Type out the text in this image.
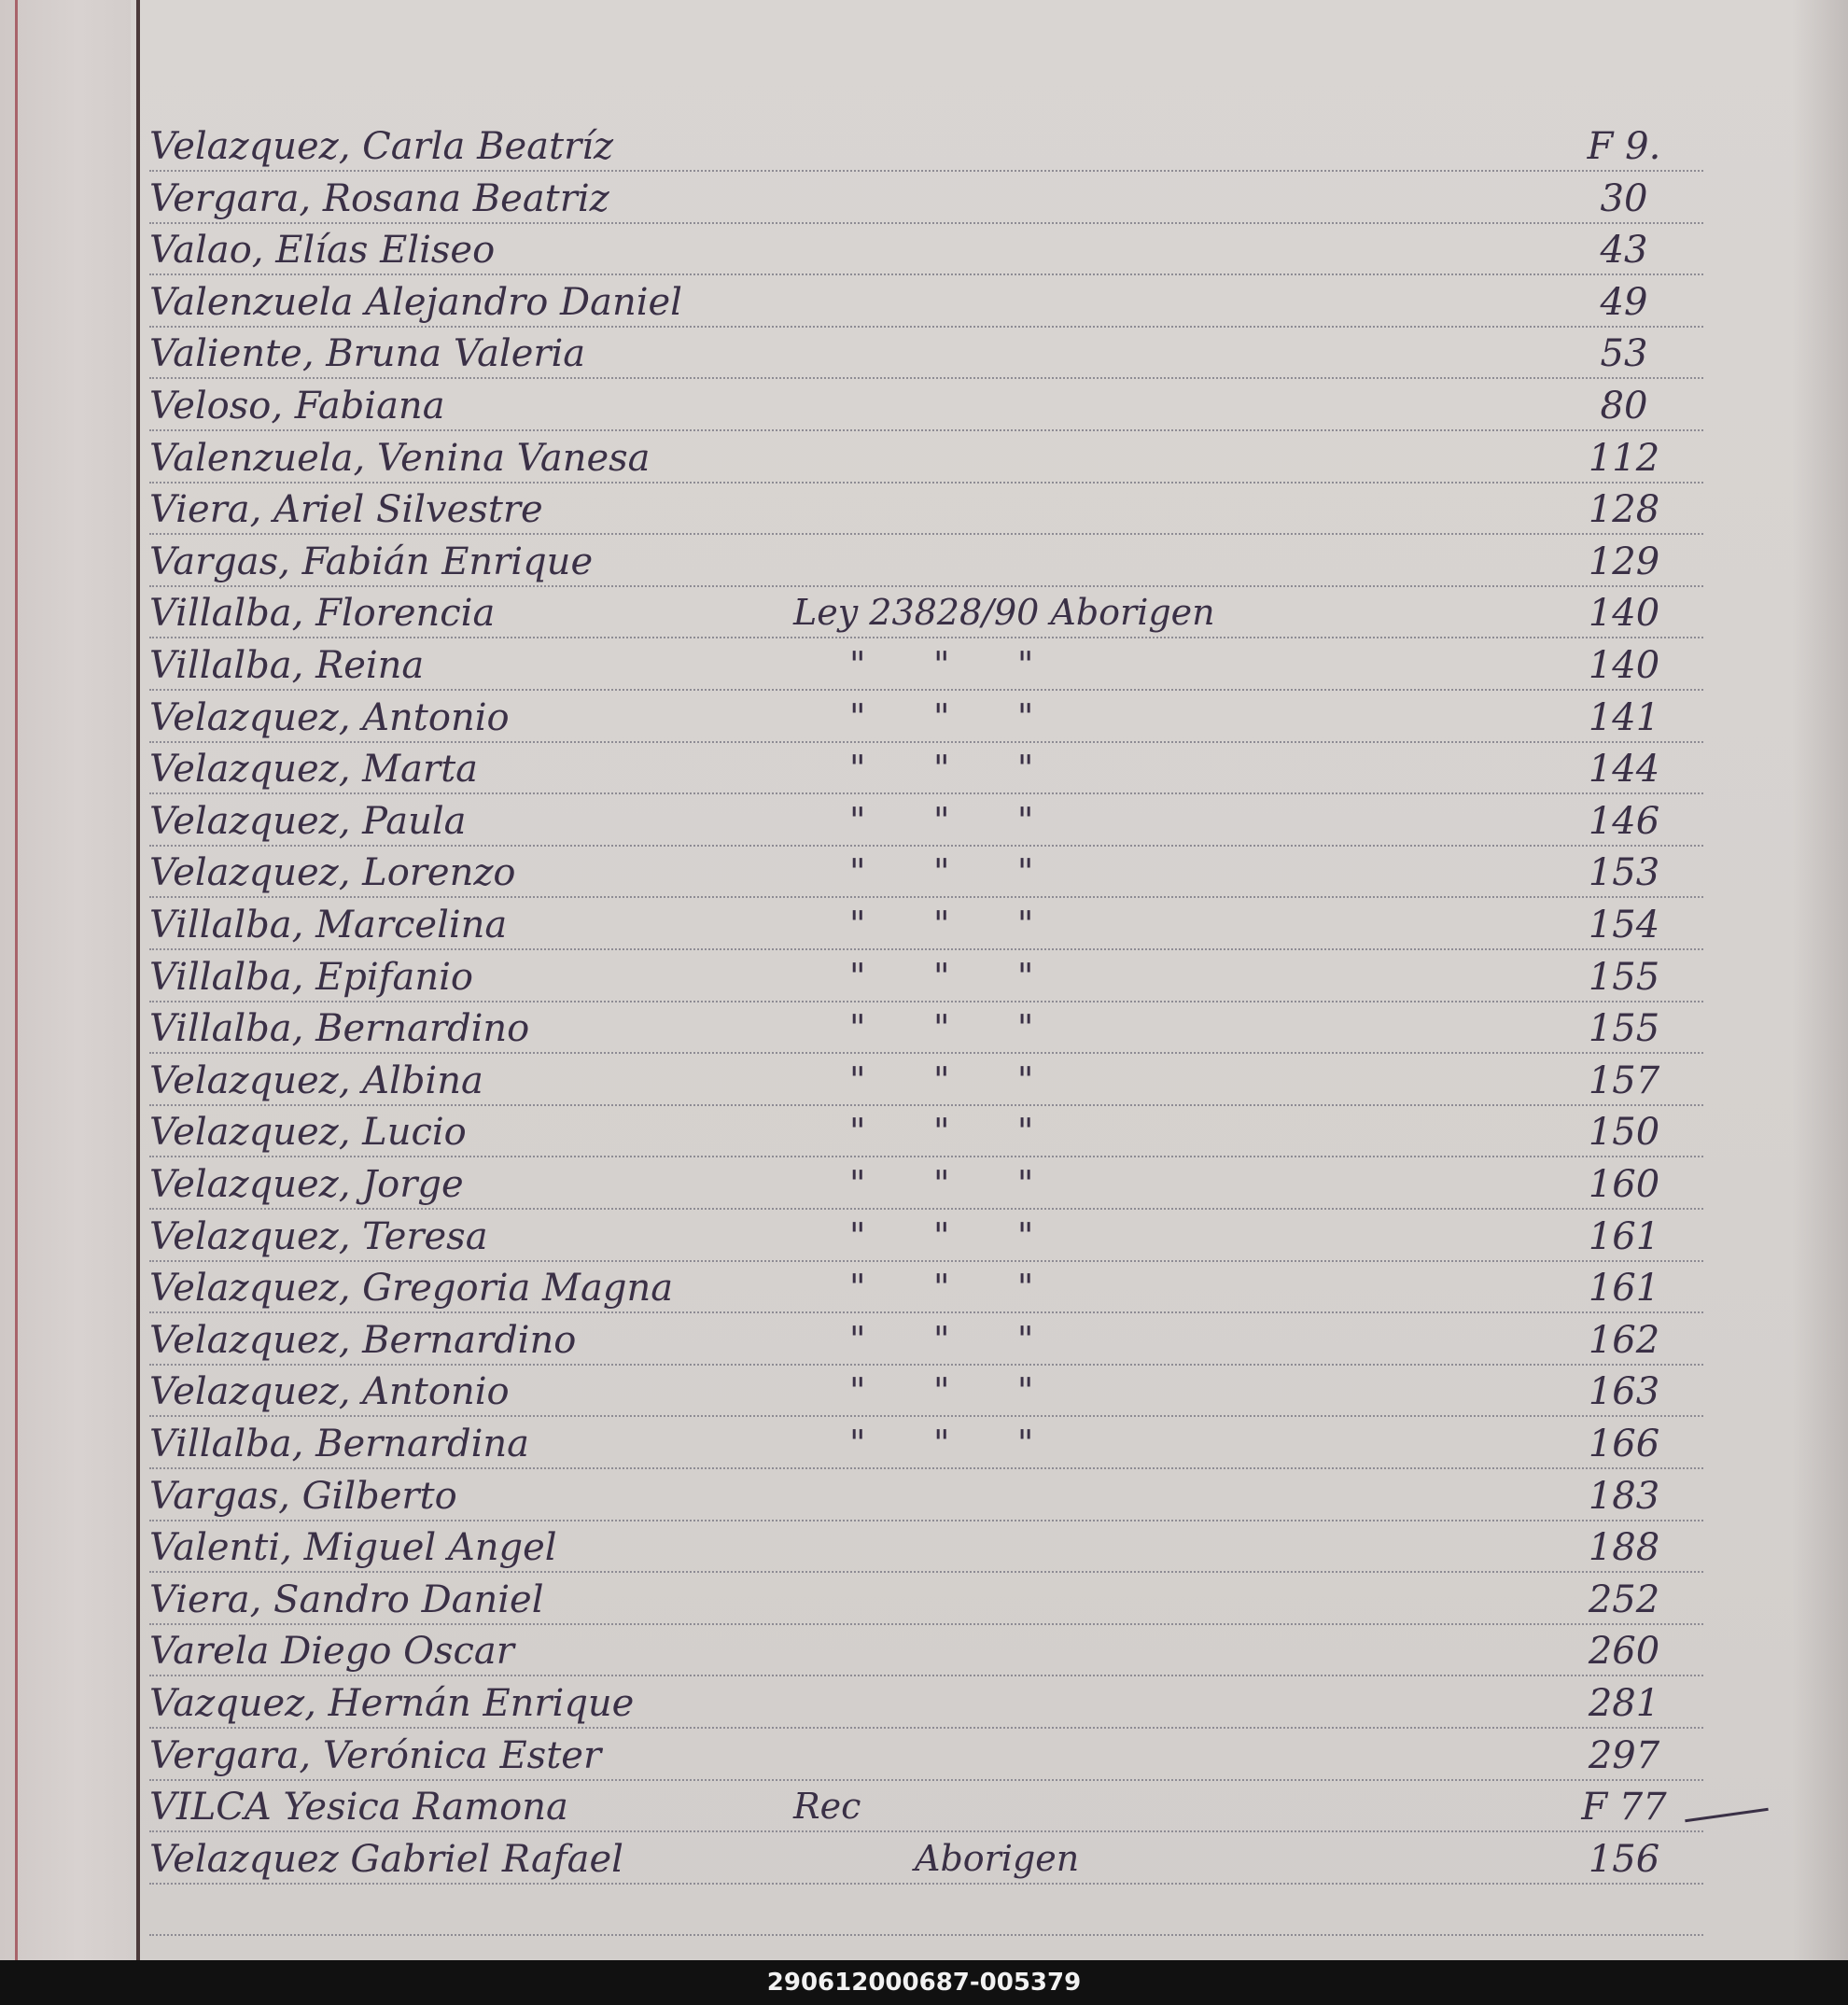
Velazquez, Carla Beatríz	F 9.
Vergara, Rosana Beatriz	30
Valao, Elías Eliseo	43
Valenzuela Alejandro Daniel	49
Valiente, Bruna Valeria	53
Veloso, Fabiana	80
Valenzuela, Venina Vanesa	112
Viera, Ariel Silvestre	128
Vargas, Fabián Enrique	129
Villalba, Florencia	Ley 23828/90 Aborigen	140
Villalba, Reina	"      "      "	140
Velazquez, Antonio	"      "      "	141
Velazquez, Marta	"      "      "	144
Velazquez, Paula	"      "      "	146
Velazquez, Lorenzo	"      "      "	153
Villalba, Marcelina	"      "      "	154
Villalba, Epifanio	"      "      "	155
Villalba, Bernardino	"      "      "	155
Velazquez, Albina	"      "      "	157
Velazquez, Lucio	"      "      "	150
Velazquez, Jorge	"      "      "	160
Velazquez, Teresa	"      "      "	161
Velazquez, Gregoria Magna	"      "      "	161
Velazquez, Bernardino	"      "      "	162
Velazquez, Antonio	"      "      "	163
Villalba, Bernardina	"      "      "	166
Vargas, Gilberto	183
Valenti, Miguel Angel	188
Viera, Sandro Daniel	252
Varela Diego Oscar	260
Vazquez, Hernán Enrique	281
Vergara, Verónica Ester	297
VILCA Yesica Ramona	Rec	F 77
Velazquez Gabriel Rafael	Aborigen	156
290612000687-005379
